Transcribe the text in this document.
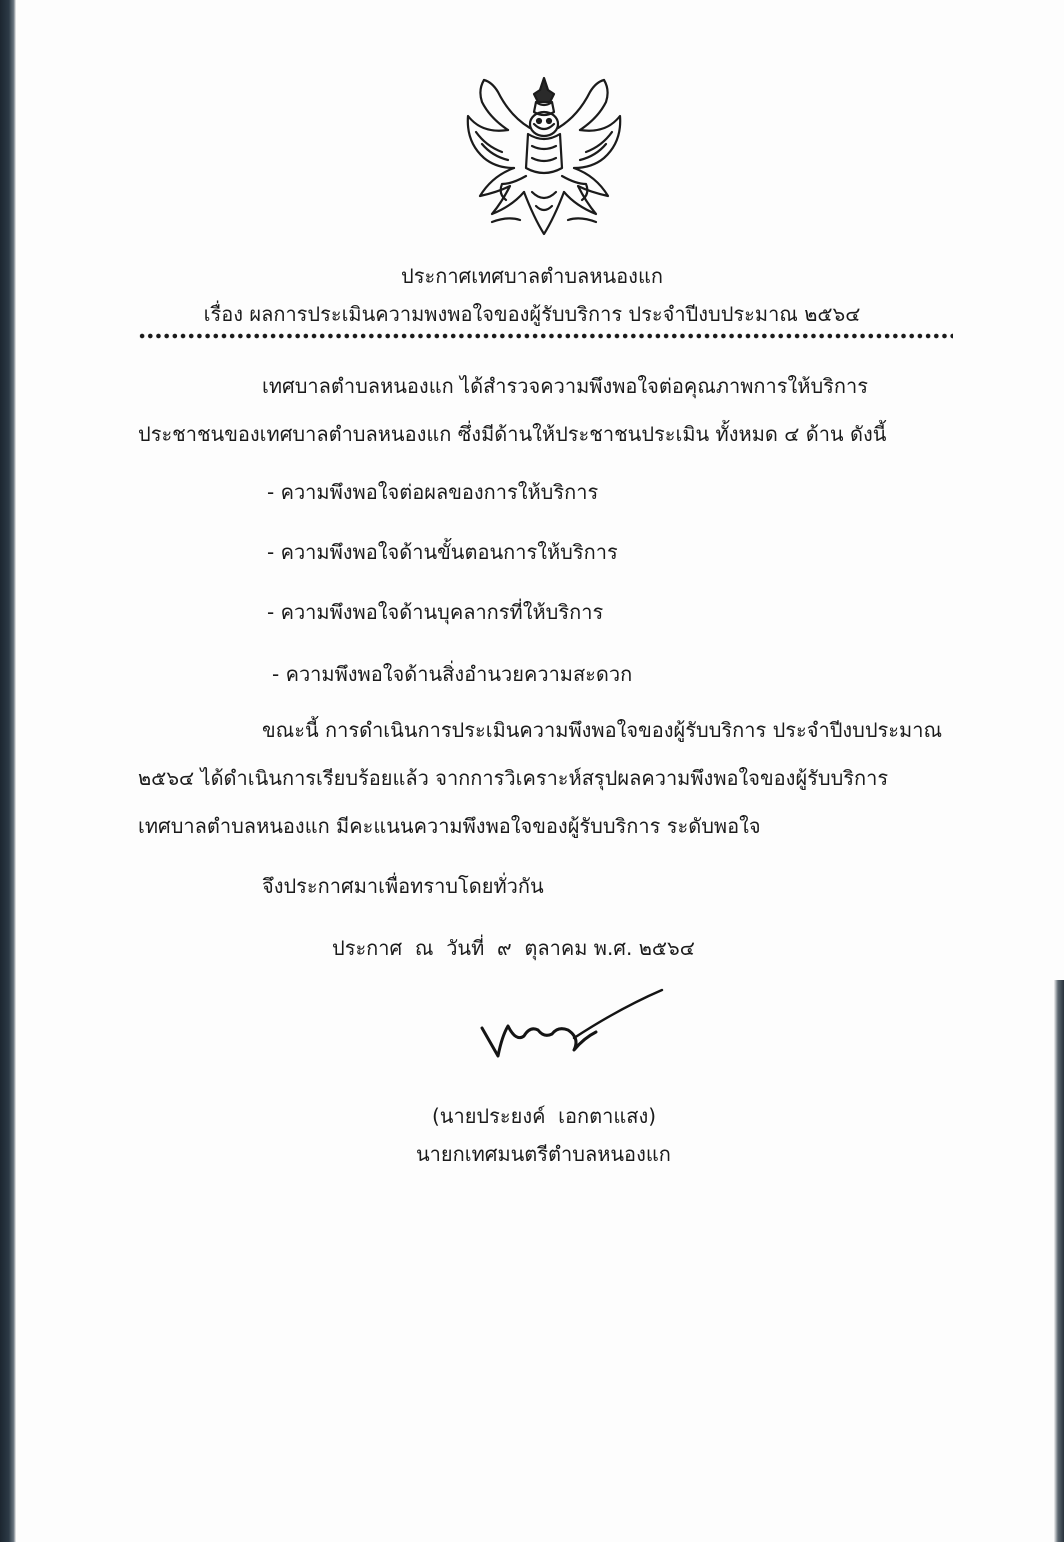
ประกาศเทศบาลตำบลหนองแก

เรื่อง ผลการประเมินความพงพอใจของผู้รับบริการ ประจำปีงบประมาณ ๒๕๖๔

เทศบาลตำบลหนองแก ได้สำรวจความพึงพอใจต่อคุณภาพการให้บริการ

ประชาชนของเทศบาลตำบลหนองแก ซึ่งมีด้านให้ประชาชนประเมิน ทั้งหมด ๔ ด้าน ดังนี้

- ความพึงพอใจต่อผลของการให้บริการ

- ความพึงพอใจด้านขั้นตอนการให้บริการ

- ความพึงพอใจด้านบุคลากรที่ให้บริการ

- ความพึงพอใจด้านสิ่งอำนวยความสะดวก

ขณะนี้ การดำเนินการประเมินความพึงพอใจของผู้รับบริการ ประจำปีงบประมาณ

๒๕๖๔ ได้ดำเนินการเรียบร้อยแล้ว จากการวิเคราะห์สรุปผลความพึงพอใจของผู้รับบริการ

เทศบาลตำบลหนองแก มีคะแนนความพึงพอใจของผู้รับบริการ ระดับพอใจ

จึงประกาศมาเพื่อทราบโดยทั่วกัน

ประกาศ  ณ  วันที่  ๙  ตุลาคม พ.ศ. ๒๕๖๔

(นายประยงค์  เอกตาแสง)

นายกเทศมนตรีตำบลหนองแก
